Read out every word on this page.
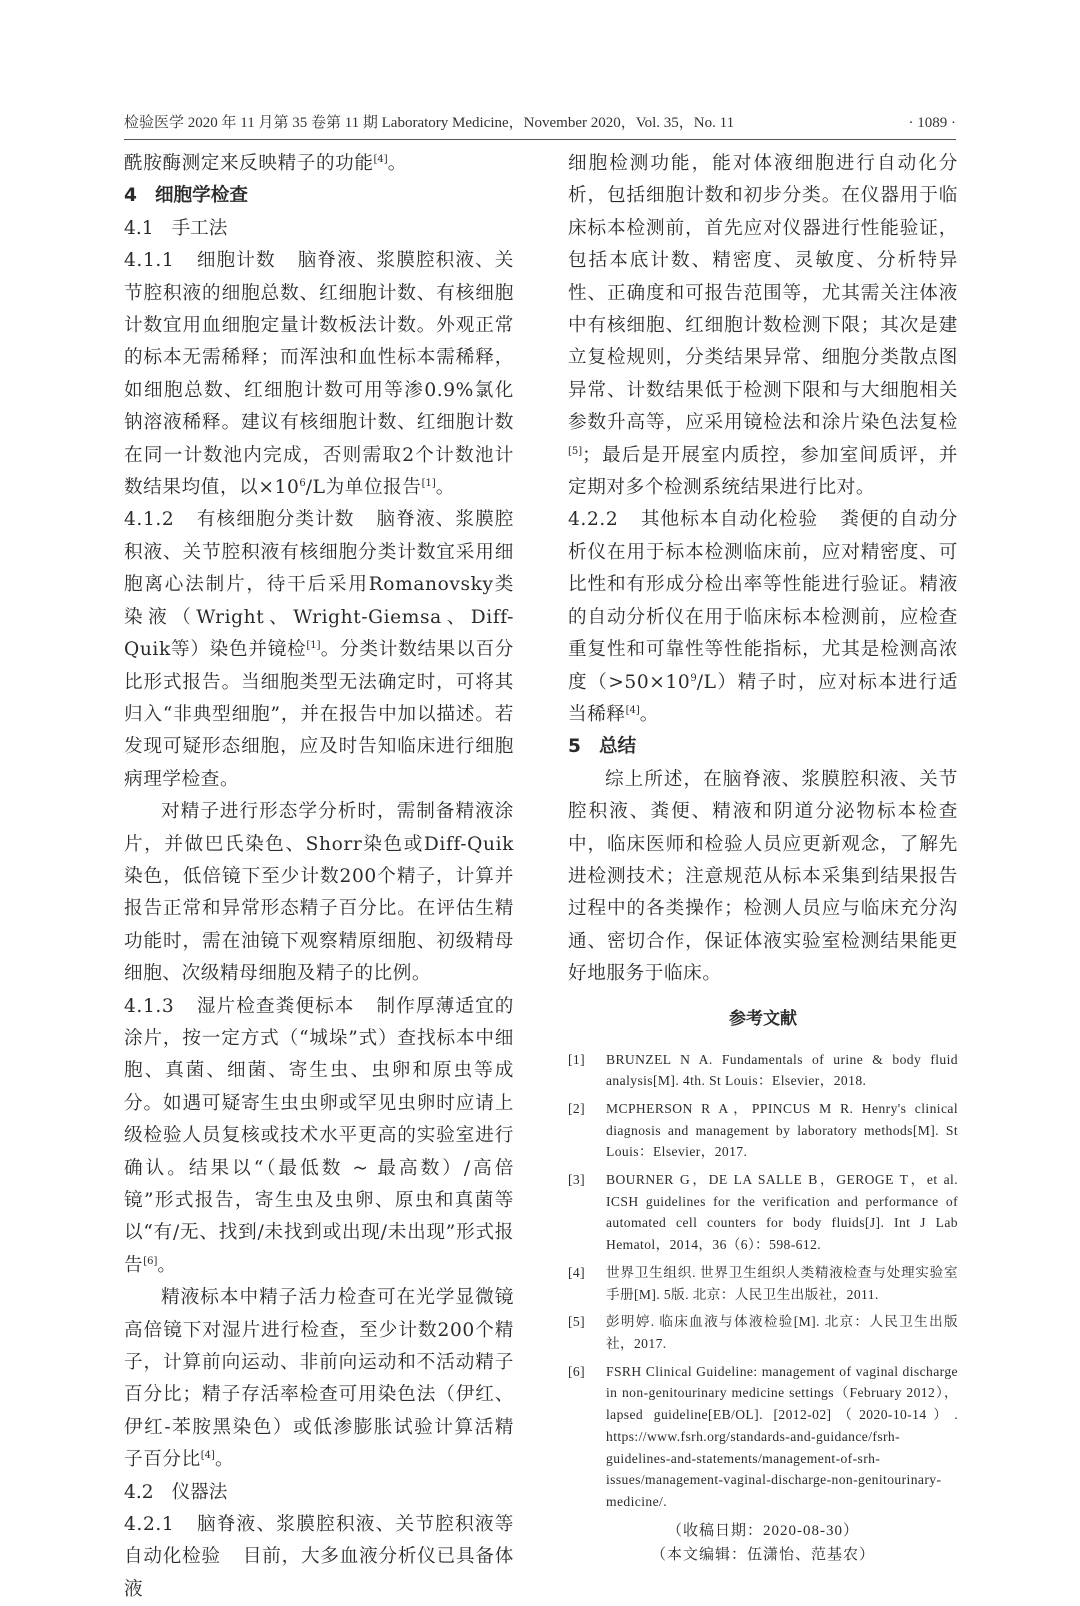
检验医学 2020 年 11 月第 35 卷第 11 期 Laboratory Medicine，November 2020，Vol. 35，No. 11	· 1089 ·

酰胺酶测定来反映精子的功能[4]。

4 细胞学检查

4.1 手工法

4.1.1 细胞计数 脑脊液、浆膜腔积液、关节腔积液的细胞总数、红细胞计数、有核细胞计数宜用血细胞定量计数板法计数。外观正常的标本无需稀释；而浑浊和血性标本需稀释，如细胞总数、红细胞计数可用等渗0.9%氯化钠溶液稀释。建议有核细胞计数、红细胞计数在同一计数池内完成，否则需取2个计数池计数结果均值，以$\times 10^6/L$为单位报告[1]。

4.1.2 有核细胞分类计数 脑脊液、浆膜腔积液、关节腔积液有核细胞分类计数宜采用细胞离心法制片，待干后采用Romanovsky类染液（Wright、Wright-Giemsa、Diff-Quik等）染色并镜检[1]。分类计数结果以百分比形式报告。当细胞类型无法确定时，可将其归入“非典型细胞”，并在报告中加以描述。若发现可疑形态细胞，应及时告知临床进行细胞病理学检查。

对精子进行形态学分析时，需制备精液涂片，并做巴氏染色、Shorr染色或Diff-Quik染色，低倍镜下至少计数200个精子，计算并报告正常和异常形态精子百分比。在评估生精功能时，需在油镜下观察精原细胞、初级精母细胞、次级精母细胞及精子的比例。

4.1.3 湿片检查粪便标本 制作厚薄适宜的涂片，按一定方式（“城垛”式）查找标本中细胞、真菌、细菌、寄生虫、虫卵和原虫等成分。如遇可疑寄生虫虫卵或罕见虫卵时应请上级检验人员复核或技术水平更高的实验室进行确认。结果以“（最低数 ~ 最高数）/高倍镜”形式报告，寄生虫及虫卵、原虫和真菌等以“有/无、找到/未找到或出现/未出现”形式报告[6]。

精液标本中精子活力检查可在光学显微镜高倍镜下对湿片进行检查，至少计数200个精子，计算前向运动、非前向运动和不活动精子百分比；精子存活率检查可用染色法（伊红、伊红-苯胺黑染色）或低渗膨胀试验计算活精子百分比[4]。

4.2 仪器法

4.2.1 脑脊液、浆膜腔积液、关节腔积液等自动化检验 目前，大多血液分析仪已具备体液

细胞检测功能，能对体液细胞进行自动化分析，包括细胞计数和初步分类。在仪器用于临床标本检测前，首先应对仪器进行性能验证，包括本底计数、精密度、灵敏度、分析特异性、正确度和可报告范围等，尤其需关注体液中有核细胞、红细胞计数检测下限；其次是建立复检规则，分类结果异常、细胞分类散点图异常、计数结果低于检测下限和与大细胞相关参数升高等，应采用镜检法和涂片染色法复检[5]；最后是开展室内质控，参加室间质评，并定期对多个检测系统结果进行比对。

4.2.2 其他标本自动化检验 粪便的自动分析仪在用于标本检测临床前，应对精密度、可比性和有形成分检出率等性能进行验证。精液的自动分析仪在用于临床标本检测前，应检查重复性和可靠性等性能指标，尤其是检测高浓度$(>50\times 10^9/L)$精子时，应对标本进行适当稀释[4]。

5 总结

综上所述，在脑脊液、浆膜腔积液、关节腔积液、粪便、精液和阴道分泌物标本检查中，临床医师和检验人员应更新观念，了解先进检测技术；注意规范从标本采集到结果报告过程中的各类操作；检测人员应与临床充分沟通、密切合作，保证体液实验室检测结果能更好地服务于临床。

参考文献
[1]	BRUNZEL N A. Fundamentals of urine & body fluid analysis[M]. 4th. St Louis：Elsevier，2018.
[2]	MCPHERSON R A，PPINCUS M R. Henry's clinical diagnosis and management by laboratory methods[M]. St Louis：Elsevier，2017.
[3]	BOURNER G，DE LA SALLE B，GEROGE T，et al. ICSH guidelines for the verification and performance of automated cell counters for body fluids[J]. Int J Lab Hematol，2014，36（6）：598-612.
[4]	世界卫生组织. 世界卫生组织人类精液检查与处理实验室手册[M]. 5版. 北京：人民卫生出版社，2011.
[5]	彭明婷. 临床血液与体液检验[M]. 北京：人民卫生出版社，2017.
[6]	FSRH Clinical Guideline: management of vaginal discharge in non-genitourinary medicine settings（February 2012），lapsed guideline[EB/OL]. [2012-02]（2020-10-14）. https://www.fsrh.org/standards-and-guidance/fsrh-guidelines-and-statements/management-of-srh-issues/management-vaginal-discharge-non-genitourinary-medicine/.

（收稿日期：2020-08-30）

（本文编辑：伍潇怡、范基农）
